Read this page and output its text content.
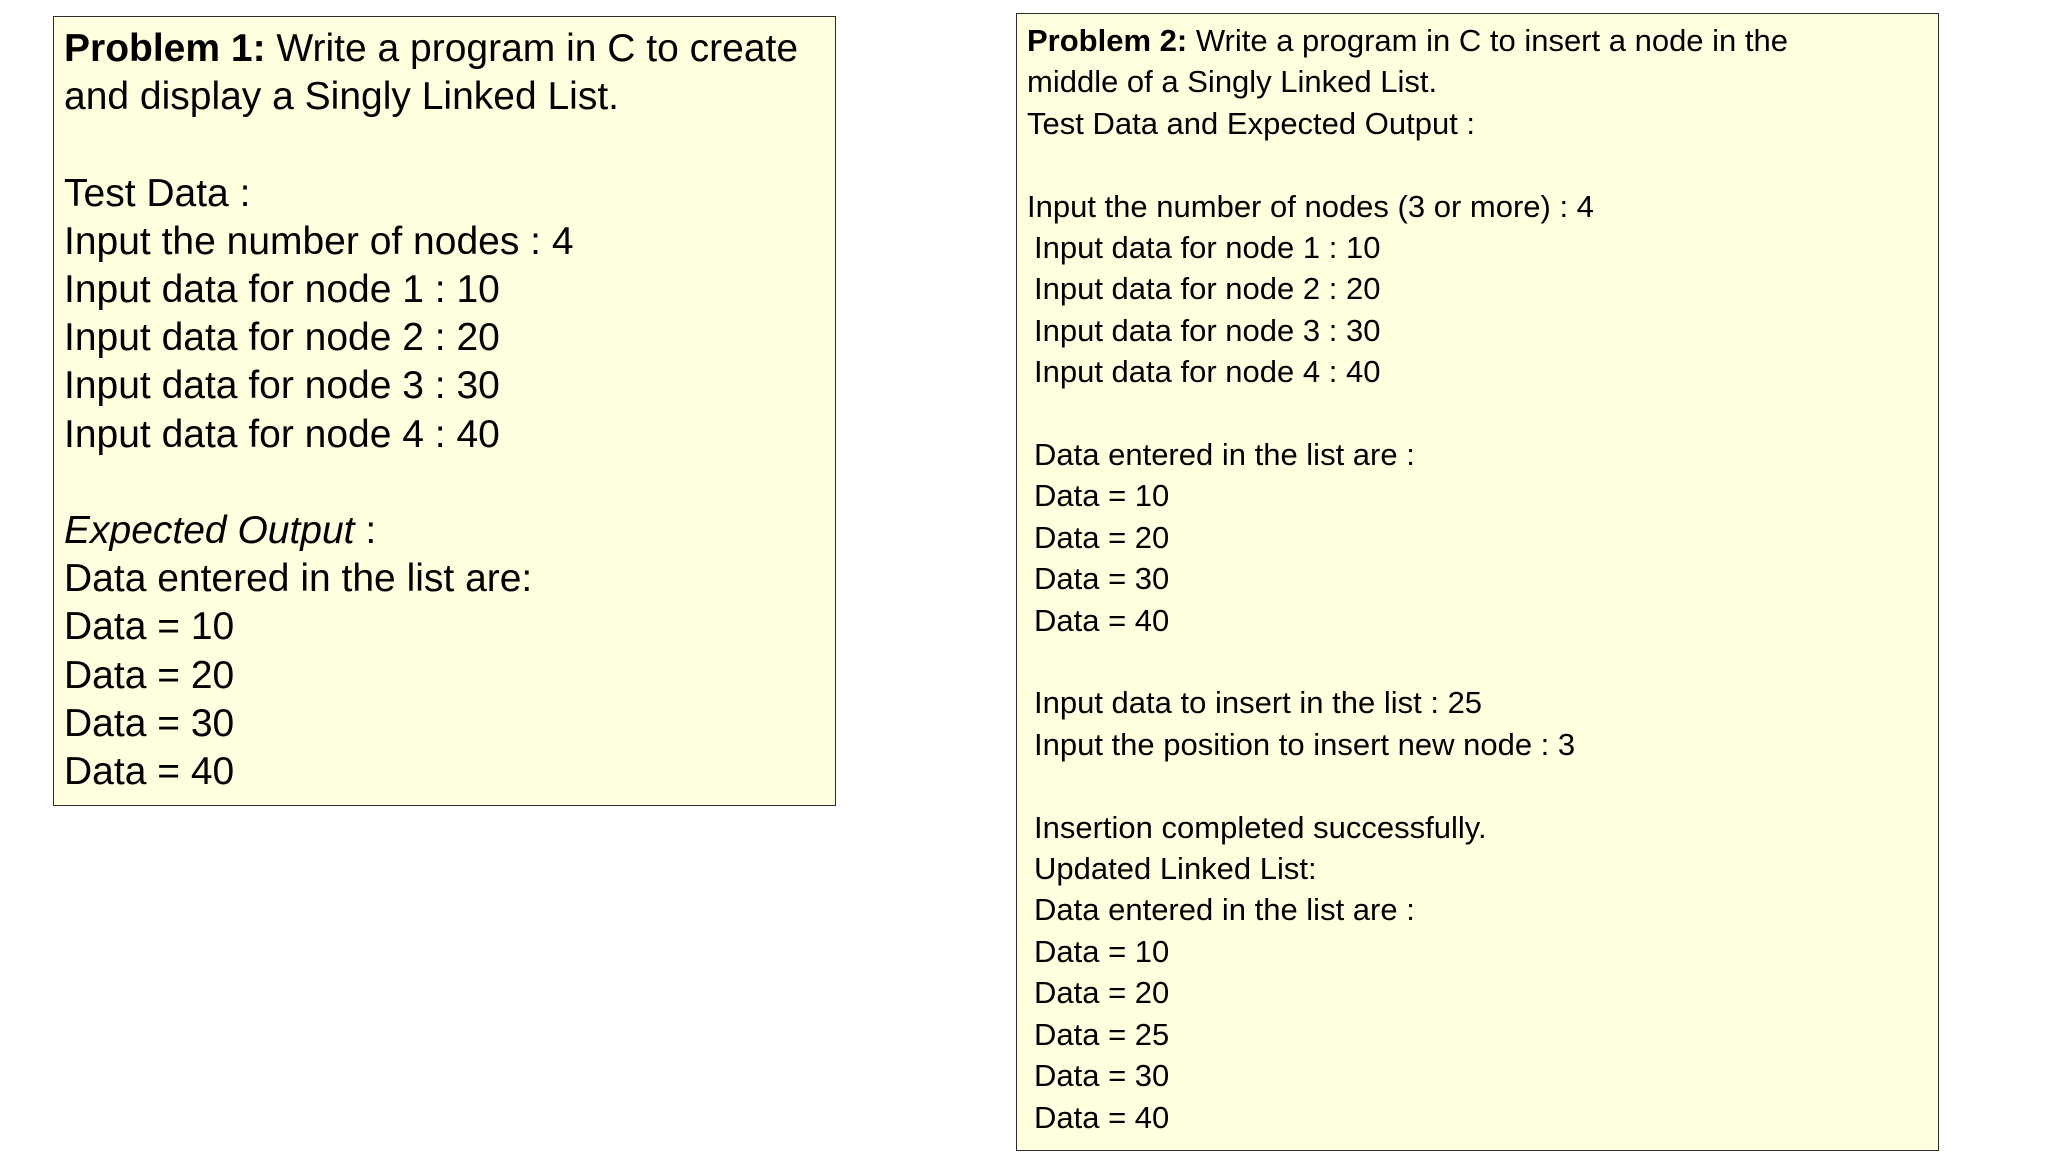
Problem 1: Write a program in C to create
and display a Singly Linked List.
Test Data :
Input the number of nodes : 4
Input data for node 1 : 10
Input data for node 2 : 20
Input data for node 3 : 30
Input data for node 4 : 40
Expected Output :
Data entered in the list are:
Data = 10
Data = 20
Data = 30
Data = 40
Problem 2: Write a program in C to insert a node in the
middle of a Singly Linked List.
Test Data and Expected Output :
Input the number of nodes (3 or more) : 4
Input data for node 1 : 10
Input data for node 2 : 20
Input data for node 3 : 30
Input data for node 4 : 40
Data entered in the list are :
Data = 10
Data = 20
Data = 30
Data = 40
Input data to insert in the list : 25
Input the position to insert new node : 3
Insertion completed successfully.
Updated Linked List:
Data entered in the list are :
Data = 10
Data = 20
Data = 25
Data = 30
Data = 40
